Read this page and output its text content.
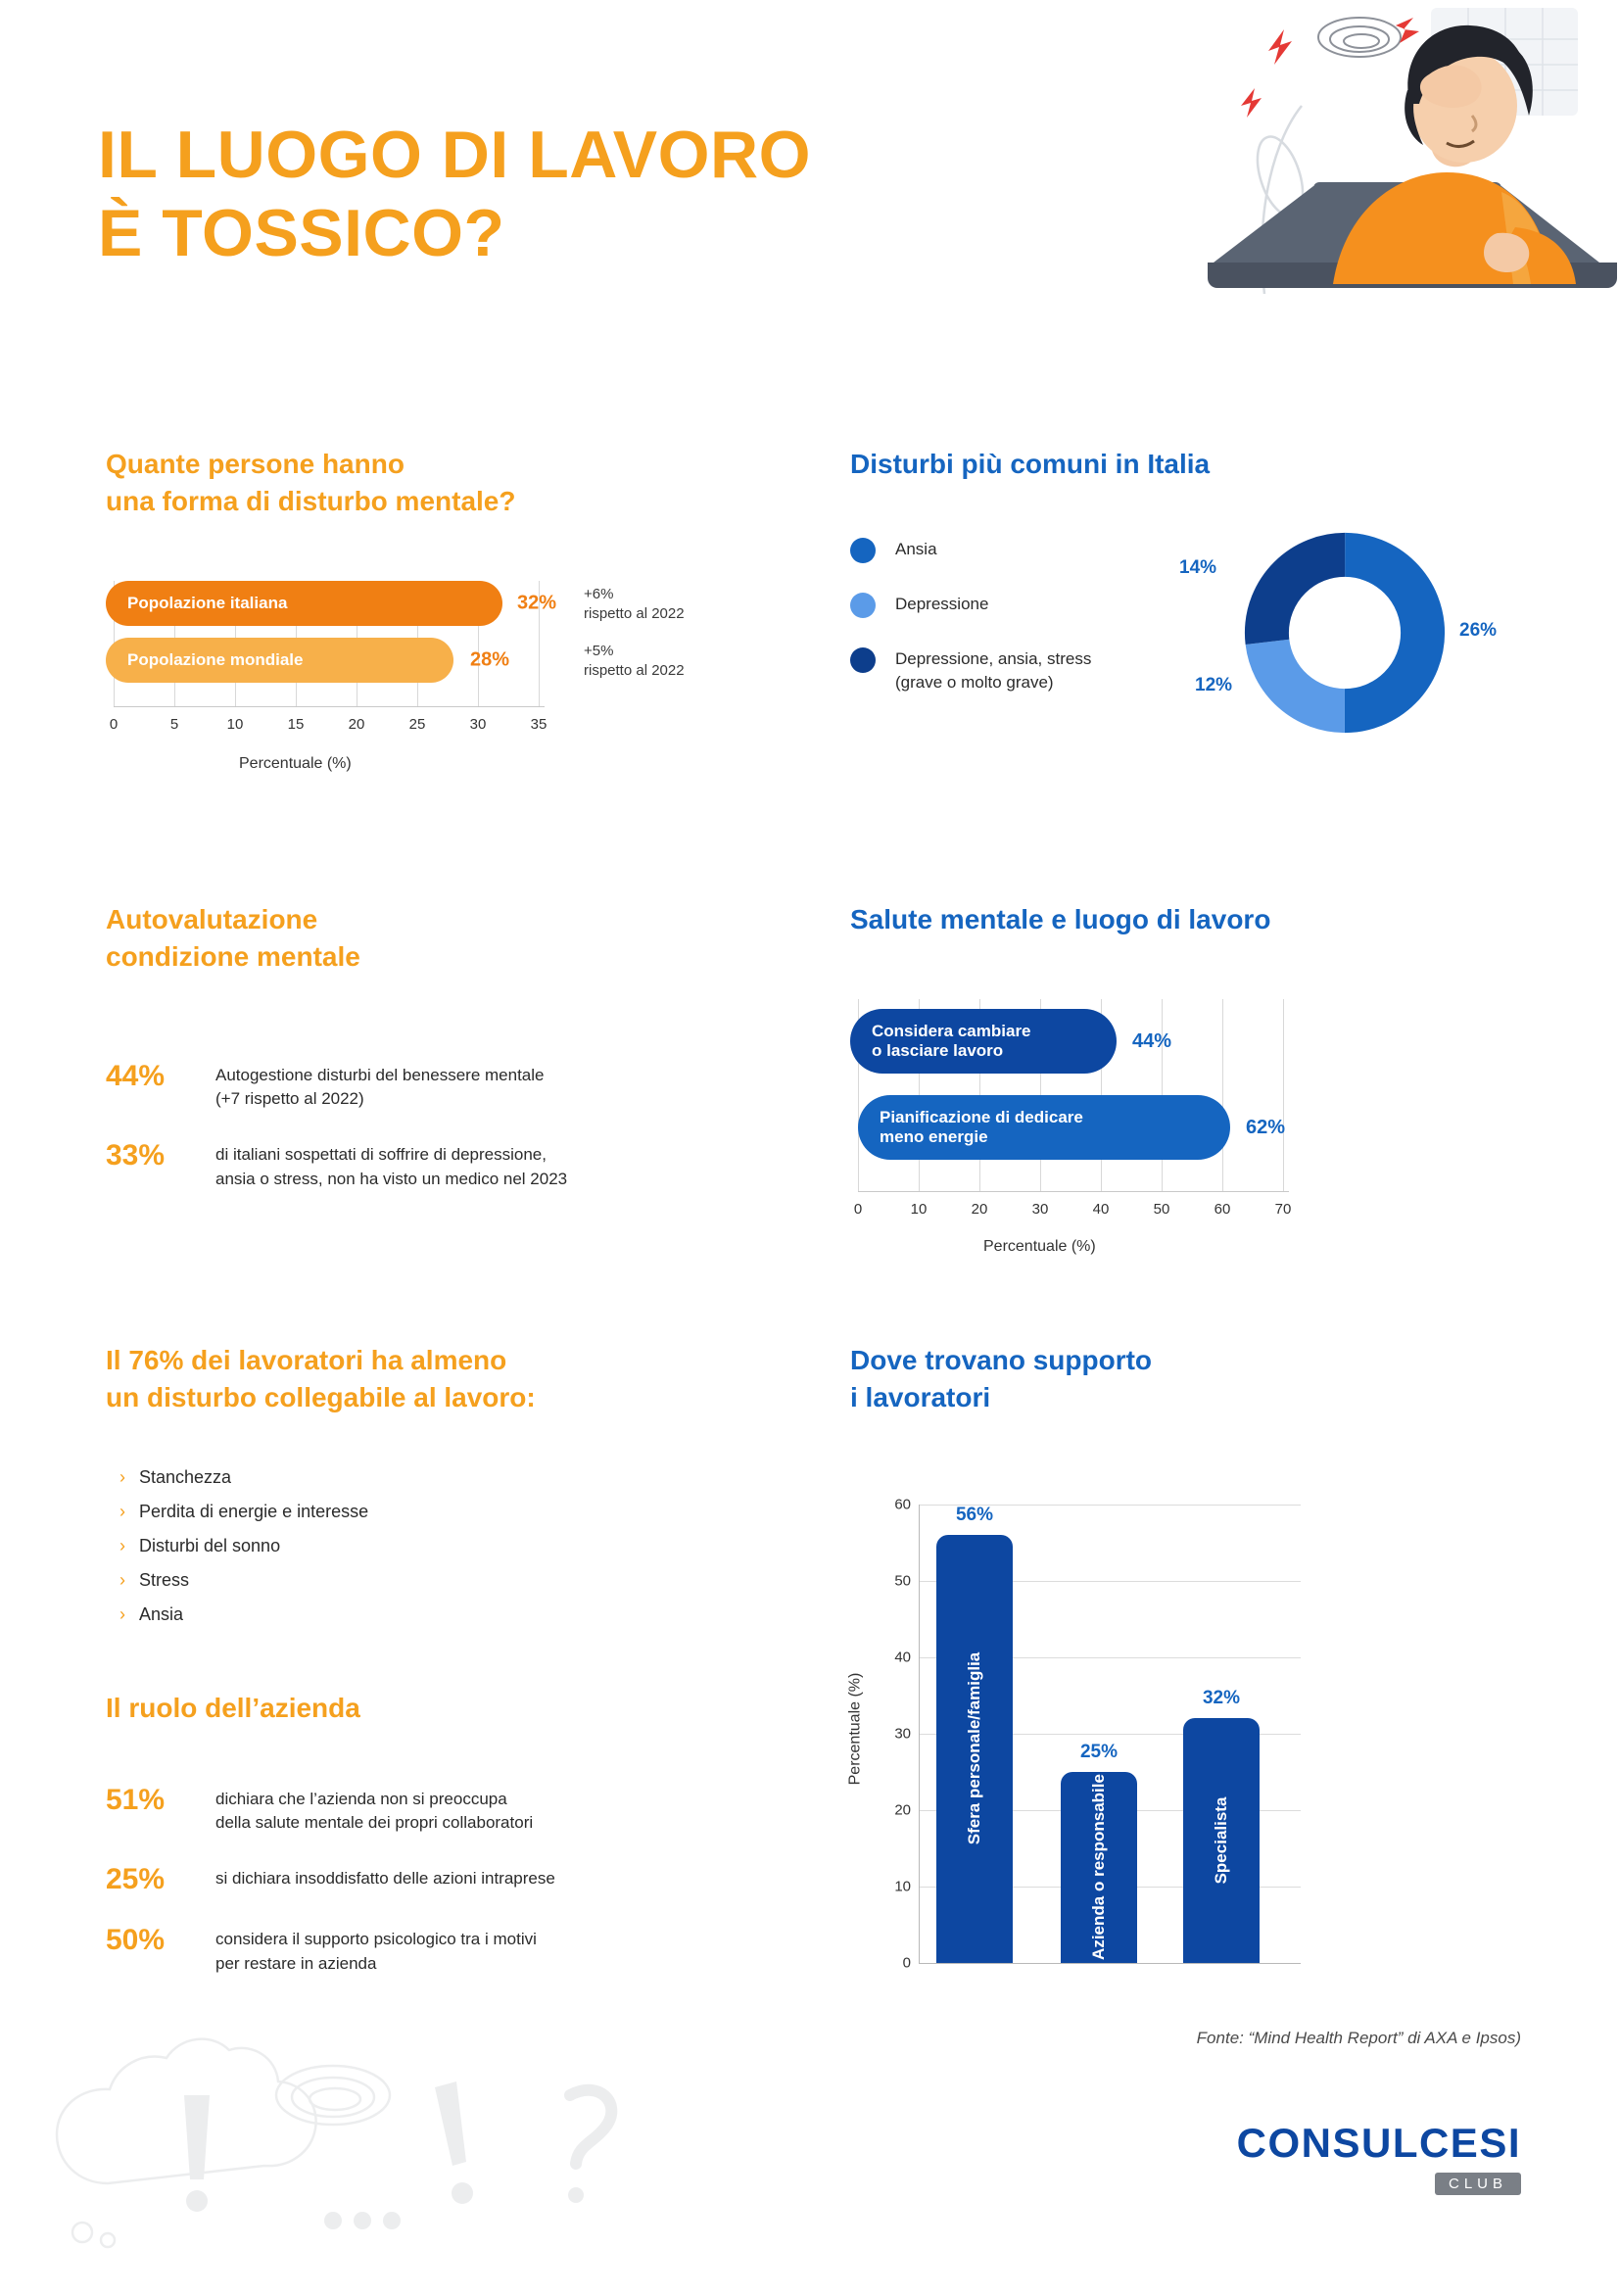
IL LUOGO DI LAVORO
È TOSSICO?
Quante persone hanno
una forma di disturbo mentale?
Popolazione italiana	32%
Popolazione mondiale	28%
+6%
rispetto al 2022
+5%
rispetto al 2022
0	5	10	15	20	25	30	35
Percentuale (%)
Disturbi più comuni in Italia
Ansia
Depressione
Depressione, ansia, stress
(grave o molto grave)
26%
12%
14%
Autovalutazione
condizione mentale
44%	Autogestione disturbi del benessere mentale
(+7 rispetto al 2022)
33%	di italiani sospettati di soffrire di depressione,
ansia o stress, non ha visto un medico nel 2023
Salute mentale e luogo di lavoro
Considera cambiare
o lasciare lavoro	44%
Pianificazione di dedicare
meno energie	62%
0	10	20	30	40	50	60	70
Percentuale (%)
Il 76% dei lavoratori ha almeno
un disturbo collegabile al lavoro:
› Stanchezza
› Perdita di energie e interesse
› Disturbi del sonno
› Stress
› Ansia
Il ruolo dell’azienda
51%	dichiara che l’azienda non si preoccupa
della salute mentale dei propri collaboratori
25%	si dichiara insoddisfatto delle azioni intraprese
50%	considera il supporto psicologico tra i motivi
per restare in azienda
Dove trovano supporto
i lavoratori
60
50
40
30
20
10
0
Percentuale (%)	Sfera personale/famiglia
56%
Azienda o responsabile
25%
Specialista
32%
Fonte: “Mind Health Report” di AXA e Ipsos)
CONSULCESI
CLUB
